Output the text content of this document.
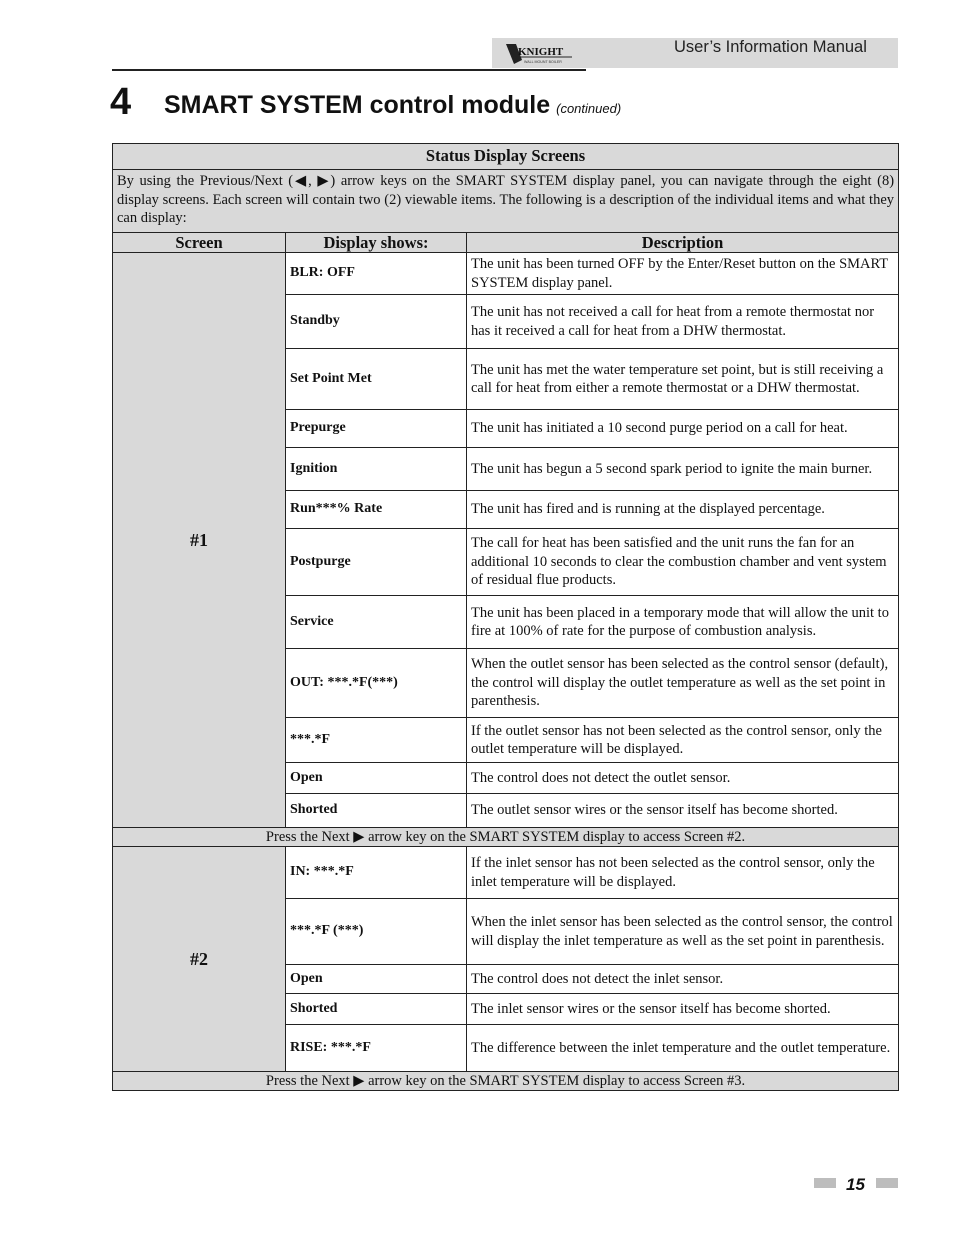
KNIGHT
WALL MOUNT BOILER
User’s Information Manual
4 SMART SYSTEM control module (continued)
Status Display Screens		
By using the Previous/Next (◀, ▶) arrow keys on the SMART SYSTEM display panel, you can navigate through the eight (8) display screens. Each screen will contain two (2) viewable items. The following is a description of the individual items and what they can display:		
Screen	Display shows:	Description
#1	BLR: OFF	The unit has been turned OFF by the Enter/Reset button on the SMART SYSTEM display panel.
	Standby	The unit has not received a call for heat from a remote thermostat nor has it received a call for heat from a DHW thermostat.
	Set Point Met	The unit has met the water temperature set point, but is still receiving a call for heat from either a remote thermostat or a DHW thermostat.
	Prepurge	The unit has initiated a 10 second purge period on a call for heat.
	Ignition	The unit has begun a 5 second spark period to ignite the main burner.
	Run***% Rate	The unit has fired and is running at the displayed percentage.
	Postpurge	The call for heat has been satisfied and the unit runs the fan for an additional 10 seconds to clear the combustion chamber and vent system of residual flue products.
	Service	The unit has been placed in a temporary mode that will allow the unit to fire at 100% of rate for the purpose of combustion analysis.
	OUT: ***.*F(***)	When the outlet sensor has been selected as the control sensor (default), the control will display the outlet temperature as well as the set point in parenthesis.
	***.*F	If the outlet sensor has not been selected as the control sensor, only the outlet temperature will be displayed.
	Open	The control does not detect the outlet sensor.
	Shorted	The outlet sensor wires or the sensor itself has become shorted.
Press the Next ▶ arrow key on the SMART SYSTEM display to access Screen #2.		
#2	IN: ***.*F	If the inlet sensor has not been selected as the control sensor, only the inlet temperature will be displayed.
	***.*F (***)	When the inlet sensor has been selected as the control sensor, the control will display the inlet temperature as well as the set point in parenthesis.
	Open	The control does not detect the inlet sensor.
	Shorted	The inlet sensor wires or the sensor itself has become shorted.
	RISE: ***.*F	The difference between the inlet temperature and the outlet temperature.
Press the Next ▶ arrow key on the SMART SYSTEM display to access Screen #3.		
15
